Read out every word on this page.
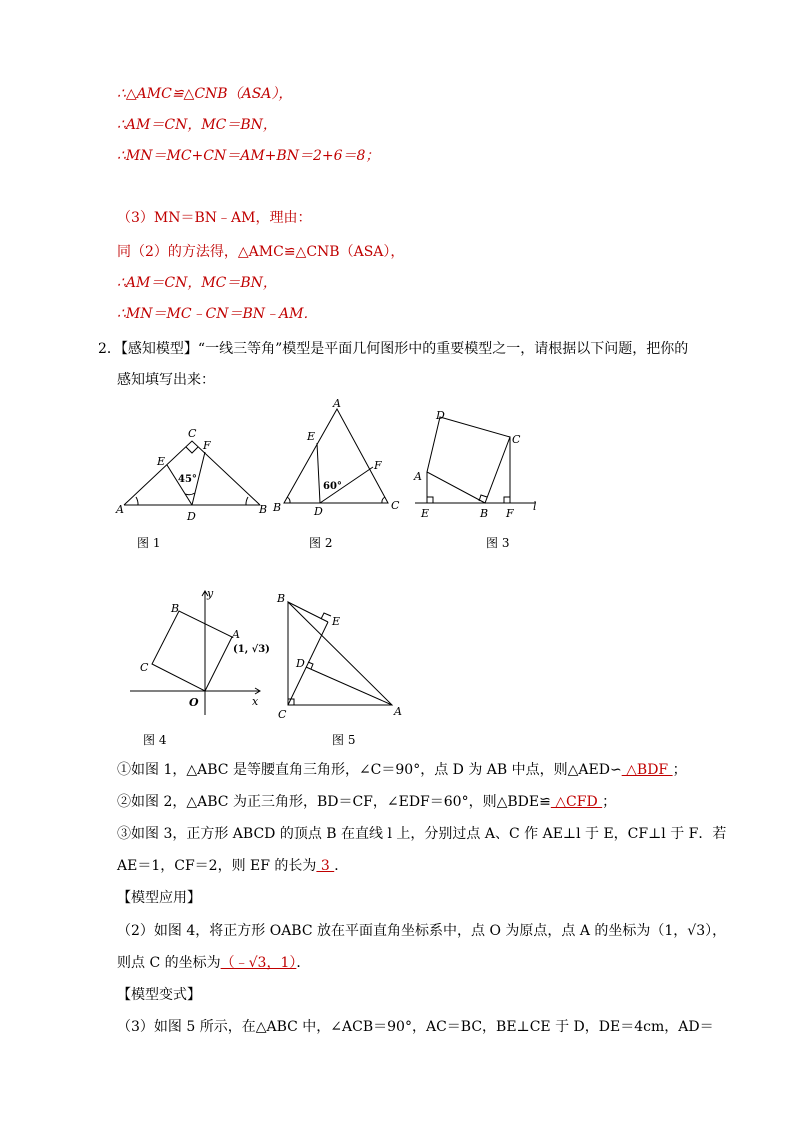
∴△AMC≌△CNB（ASA），
∴AM＝CN，MC＝BN，
∴MN＝MC+CN＝AM+BN＝2+6＝8；
（3）MN＝BN﹣AM，理由：
同（2）的方法得，△AMC≌△CNB（ASA），
∴AM＝CN，MC＝BN，
∴MN＝MC﹣CN＝BN﹣AM．
2．【感知模型】“一线三等角”模型是平面几何图形中的重要模型之一，请根据以下问题，把你的
感知填写出来：
A	B
C
D
E
F
45°
图 1
A
B	C
D
E
F
60°
图 2
A
B
C
D
E	F
l
图 3
A
B
C
O	x
y
(1, √3)
图 4
B
E
D
C	A
图 5
①如图 1，△ABC 是等腰直角三角形，∠C＝90°，点 D 为 AB 中点，则△AED∽ △BDF ；
②如图 2，△ABC 为正三角形，BD＝CF，∠EDF＝60°，则△BDE≌ △CFD ；
③如图 3，正方形 ABCD 的顶点 B 在直线 l 上，分别过点 A、C 作 AE⊥l 于 E，CF⊥l 于 F．若
AE＝1，CF＝2，则 EF 的长为 3 ．
【模型应用】
（2）如图 4，将正方形 OABC 放在平面直角坐标系中，点 O 为原点，点 A 的坐标为（1，√3），
则点 C 的坐标为（﹣√3，1）．
【模型变式】
（3）如图 5 所示，在△ABC 中，∠ACB＝90°，AC＝BC，BE⊥CE 于 D，DE＝4cm，AD＝
